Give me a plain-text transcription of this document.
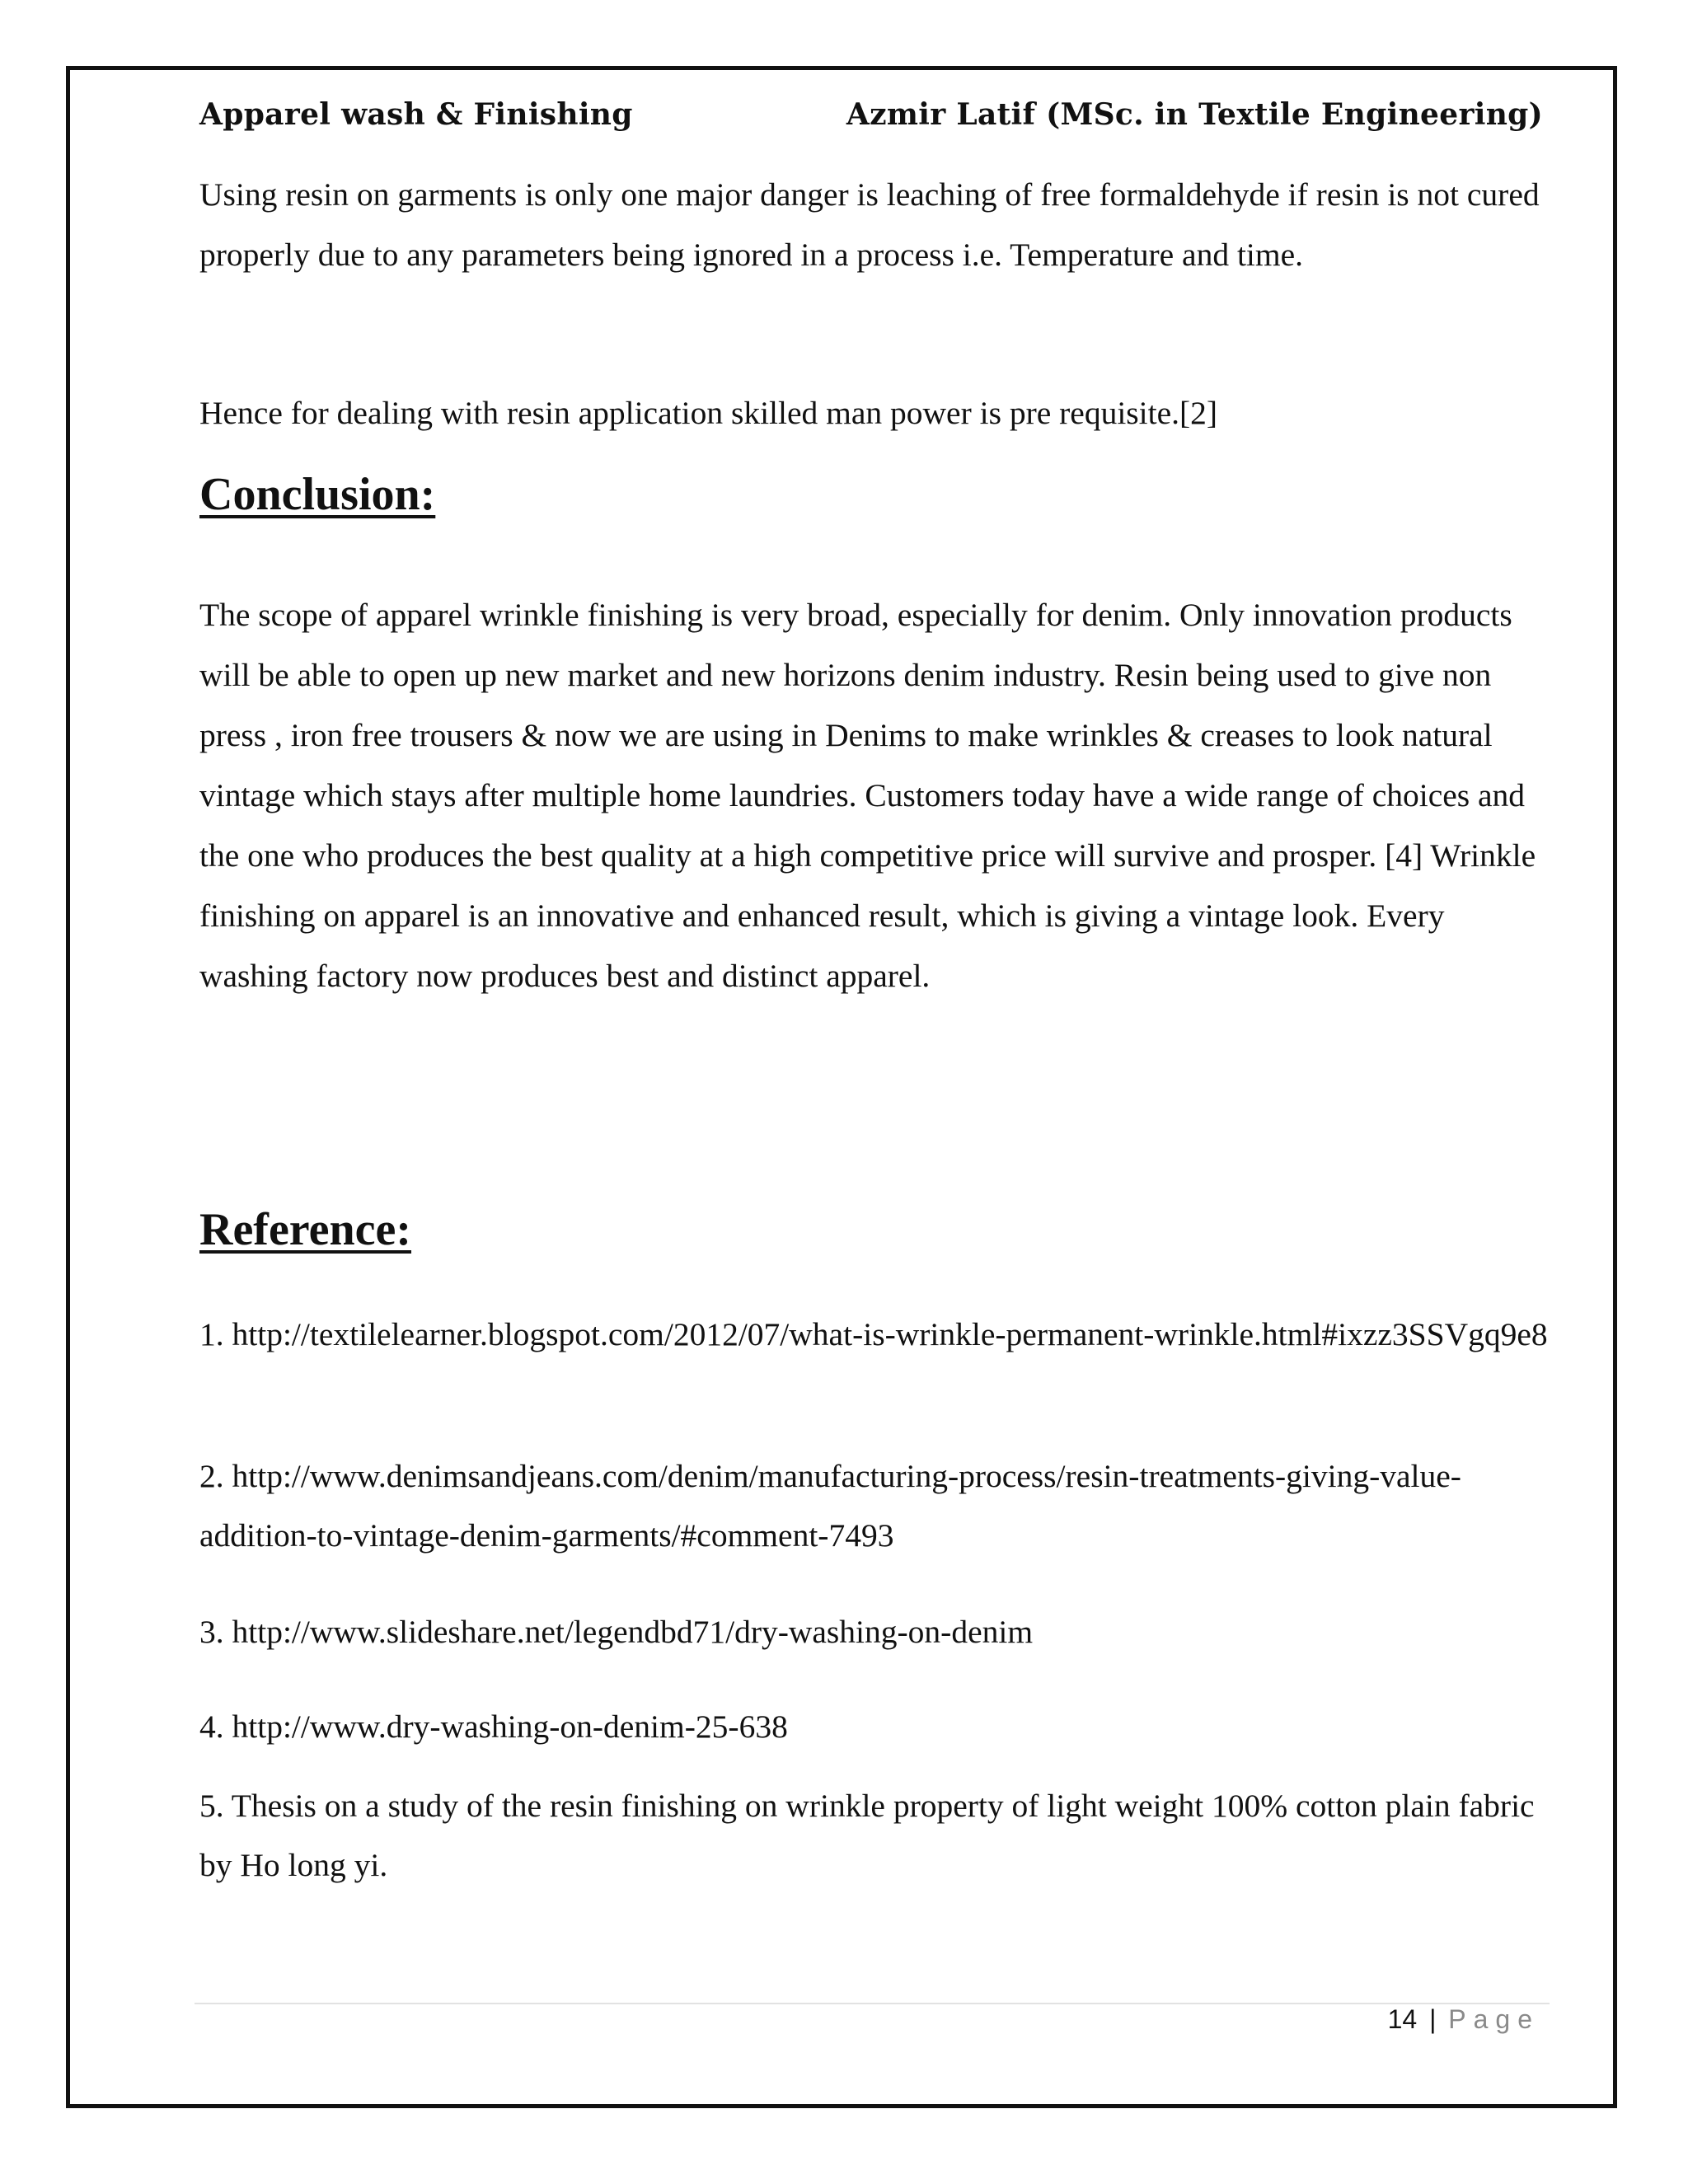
Apparel wash & Finishing	Azmir Latif (MSc. in Textile Engineering)

Using resin on garments is only one major danger is leaching of free formaldehyde if resin is not cured properly due to any parameters being ignored in a process i.e. Temperature and time.

Hence for dealing with resin application skilled man power is pre requisite.[2]

Conclusion:

The scope of apparel wrinkle finishing is very broad, especially for denim. Only innovation products will be able to open up new market and new horizons denim industry. Resin being used to give non press , iron free trousers & now we are using in Denims to make wrinkles & creases to look natural vintage which stays after multiple home laundries. Customers today have a wide range of choices and the one who produces the best quality at a high competitive price will survive and prosper. [4] Wrinkle finishing on apparel is an innovative and enhanced result, which is giving a vintage look. Every washing factory now produces best and distinct apparel.

Reference:

1. http://textilelearner.blogspot.com/2012/07/what-is-wrinkle-permanent-wrinkle.html#ixzz3SSVgq9e8

2. http://www.denimsandjeans.com/denim/manufacturing-process/resin-treatments-giving-value-addition-to-vintage-denim-garments/#comment-7493

3. http://www.slideshare.net/legendbd71/dry-washing-on-denim

4. http://www.dry-washing-on-denim-25-638

5. Thesis on a study of the resin finishing on wrinkle property of light weight 100% cotton plain fabric by Ho long yi.

14 | Page
